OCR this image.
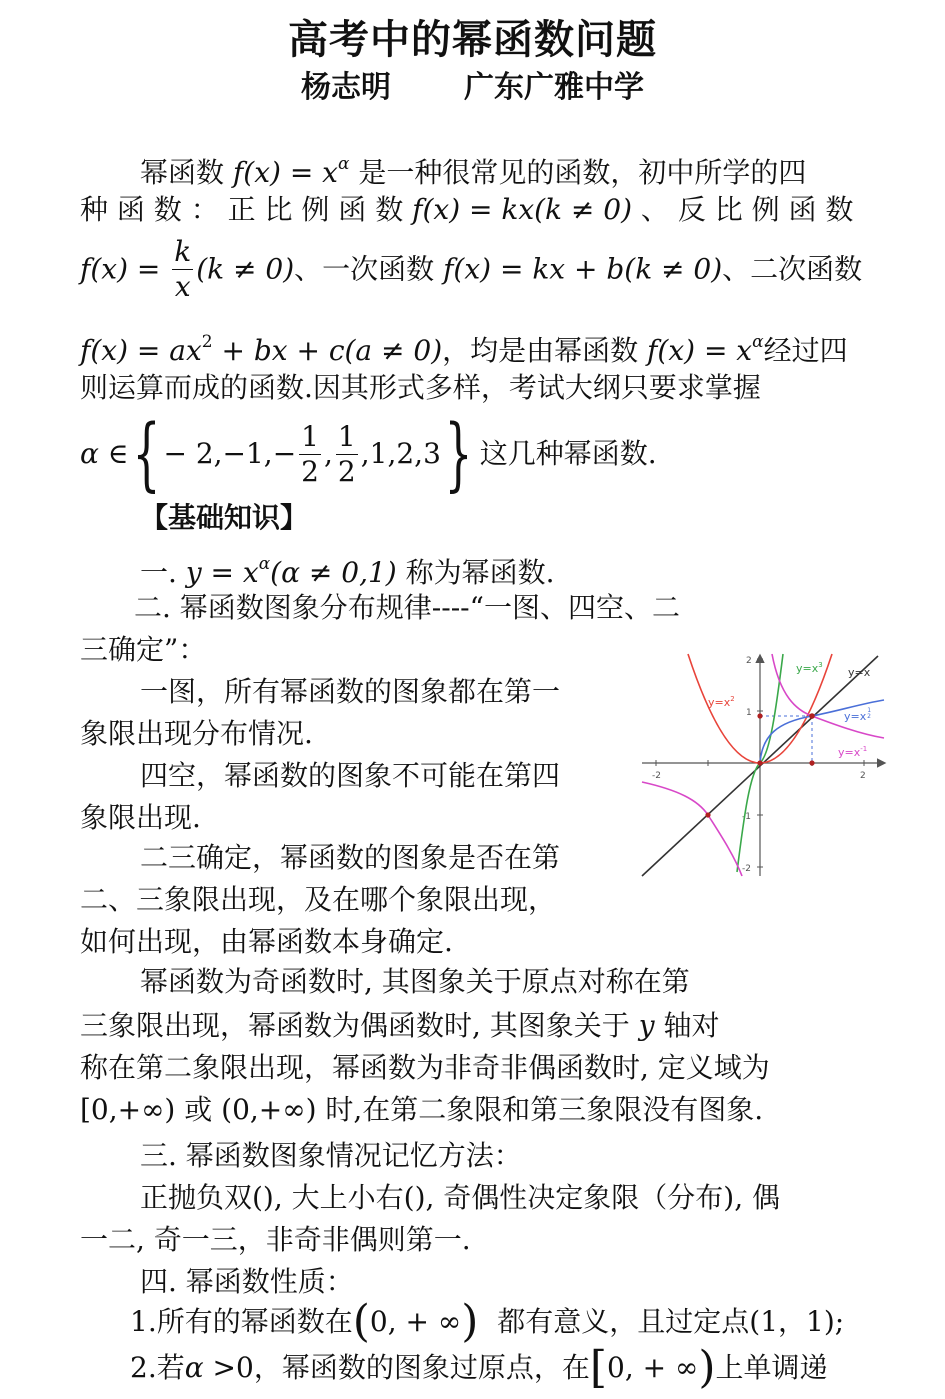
高考中的幂函数问题
杨志明 广东广雅中学
幂函数 $f(x) = x^\alpha$ 是一种很常见的函数，初中所学的四
种 函 数 ： 正 比 例 函 数 f(x) = kx(k ≠ 0) 、 反 比 例 函 数
$f(x) = \frac{k}{x} (k \ne 0)$、一次函数 f(x) = kx + b(k ≠ 0)、二次函数
$f(x) = ax^2$ + bx + c(a ≠ 0)，均是由幂函数 $f(x) = x^\alpha$经过四
则运算而成的函数.因其形式多样，考试大纲只要求掌握
α ∈ { − $2,-1,- \frac{1}{2}$ , $\frac{1}{2} ,1,2,3$ } 这几种幂函数.
【基础知识】
一. $y = x^\alpha(\alpha \ne 0,1)$ 称为幂函数.
二. 幂函数图象分布规律----“一图、四空、二
三确定”：
一图，所有幂函数的图象都在第一
象限出现分布情况.
四空，幂函数的图象不可能在第四
象限出现.
二三确定，幂函数的图象是否在第
二、三象限出现，及在哪个象限出现，
如何出现，由幂函数本身确定.
-2	2
2
1
-1
-2
$y=x^2$
$y=x^3$
y=x
$y=x^1$ 2
$y=x^{-1}$
幂函数为奇函数时, 其图象关于原点对称在第
三象限出现，幂函数为偶函数时, 其图象关于 y 轴对
称在第二象限出现，幂函数为非奇非偶函数时, 定义域为
[0,+∞) 或 (0,+∞) 时,在第二象限和第三象限没有图象.
三. 幂函数图象情况记忆方法：
正抛负双(), 大上小右(), 奇偶性决定象限（分布), 偶
一二, 奇一三，非奇非偶则第一.
四. 幂函数性质：
1.所有的幂函数在(0, + ∞) 都有意义，且过定点(1，1);
2.若α >0，幂函数的图象过原点，在[0, + ∞)上单调递
